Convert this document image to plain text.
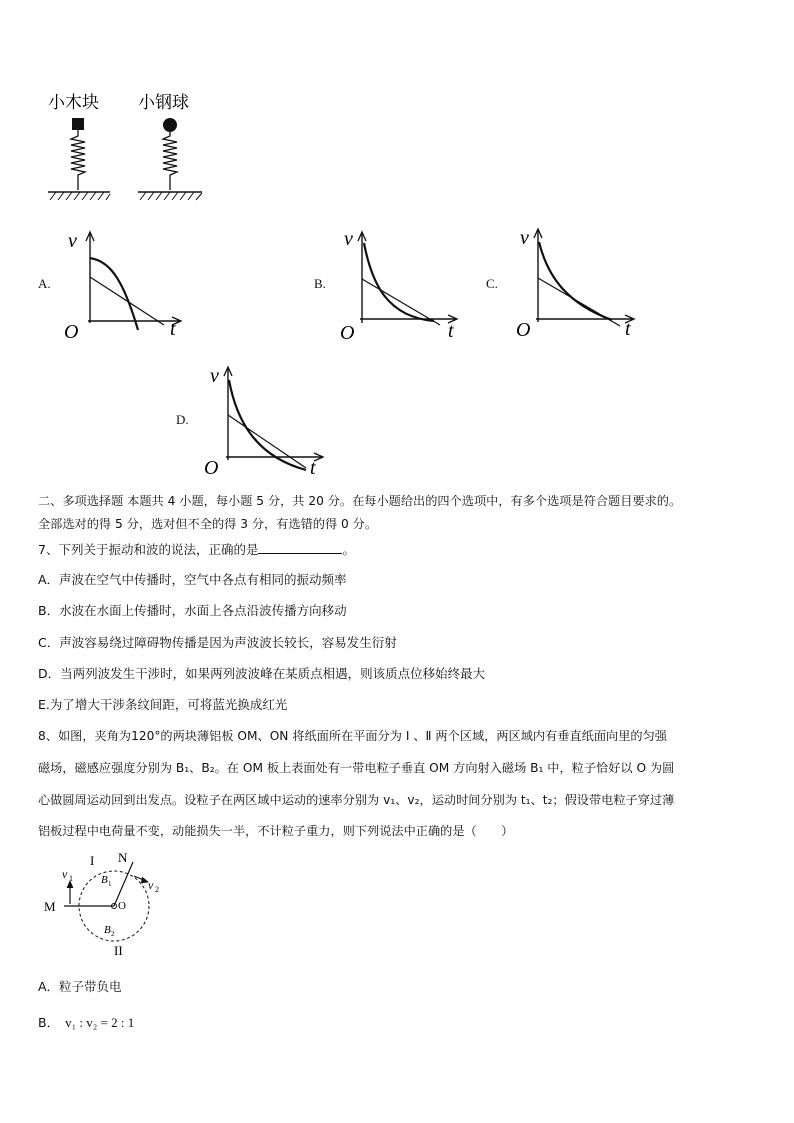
小木块 小钢球
A.
v
t
O
B.
v
t
O
C.
v
t
O
D.
v
t
O
二、多项选择题 本题共 4 小题，每小题 5 分，共 20 分。在每小题给出的四个选项中，有多个选项是符合题目要求的。
全部选对的得 5 分，选对但不全的得 3 分，有选错的得 0 分。
7、下列关于振动和波的说法，正确的是	。
A．声波在空气中传播时，空气中各点有相同的振动频率
B．水波在水面上传播时，水面上各点沿波传播方向移动
C．声波容易绕过障碍物传播是因为声波波长较长，容易发生衍射
D．当两列波发生干涉时，如果两列波波峰在某质点相遇，则该质点位移始终最大
E.为了增大干涉条纹间距，可将蓝光换成红光
8、如图，夹角为120°的两块薄铝板 OM、ON 将纸面所在平面分为 Ⅰ 、Ⅱ 两个区域，两区域内有垂直纸面向里的匀强
磁场，磁感应强度分别为 B₁、B₂。在 OM 板上表面处有一带电粒子垂直 OM 方向射入磁场 B₁ 中，粒子恰好以 O 为圆
心做圆周运动回到出发点。设粒子在两区域中运动的速率分别为 v₁、v₂，运动时间分别为 t₁、t₂；假设带电粒子穿过薄
铝板过程中电荷量不变，动能损失一半，不计粒子重力，则下列说法中正确的是（　　）
I N
M	O
v 1	v 2
B 1
B 2
II
A．粒子带负电
B． v₁ : v₂ = 2 : 1
